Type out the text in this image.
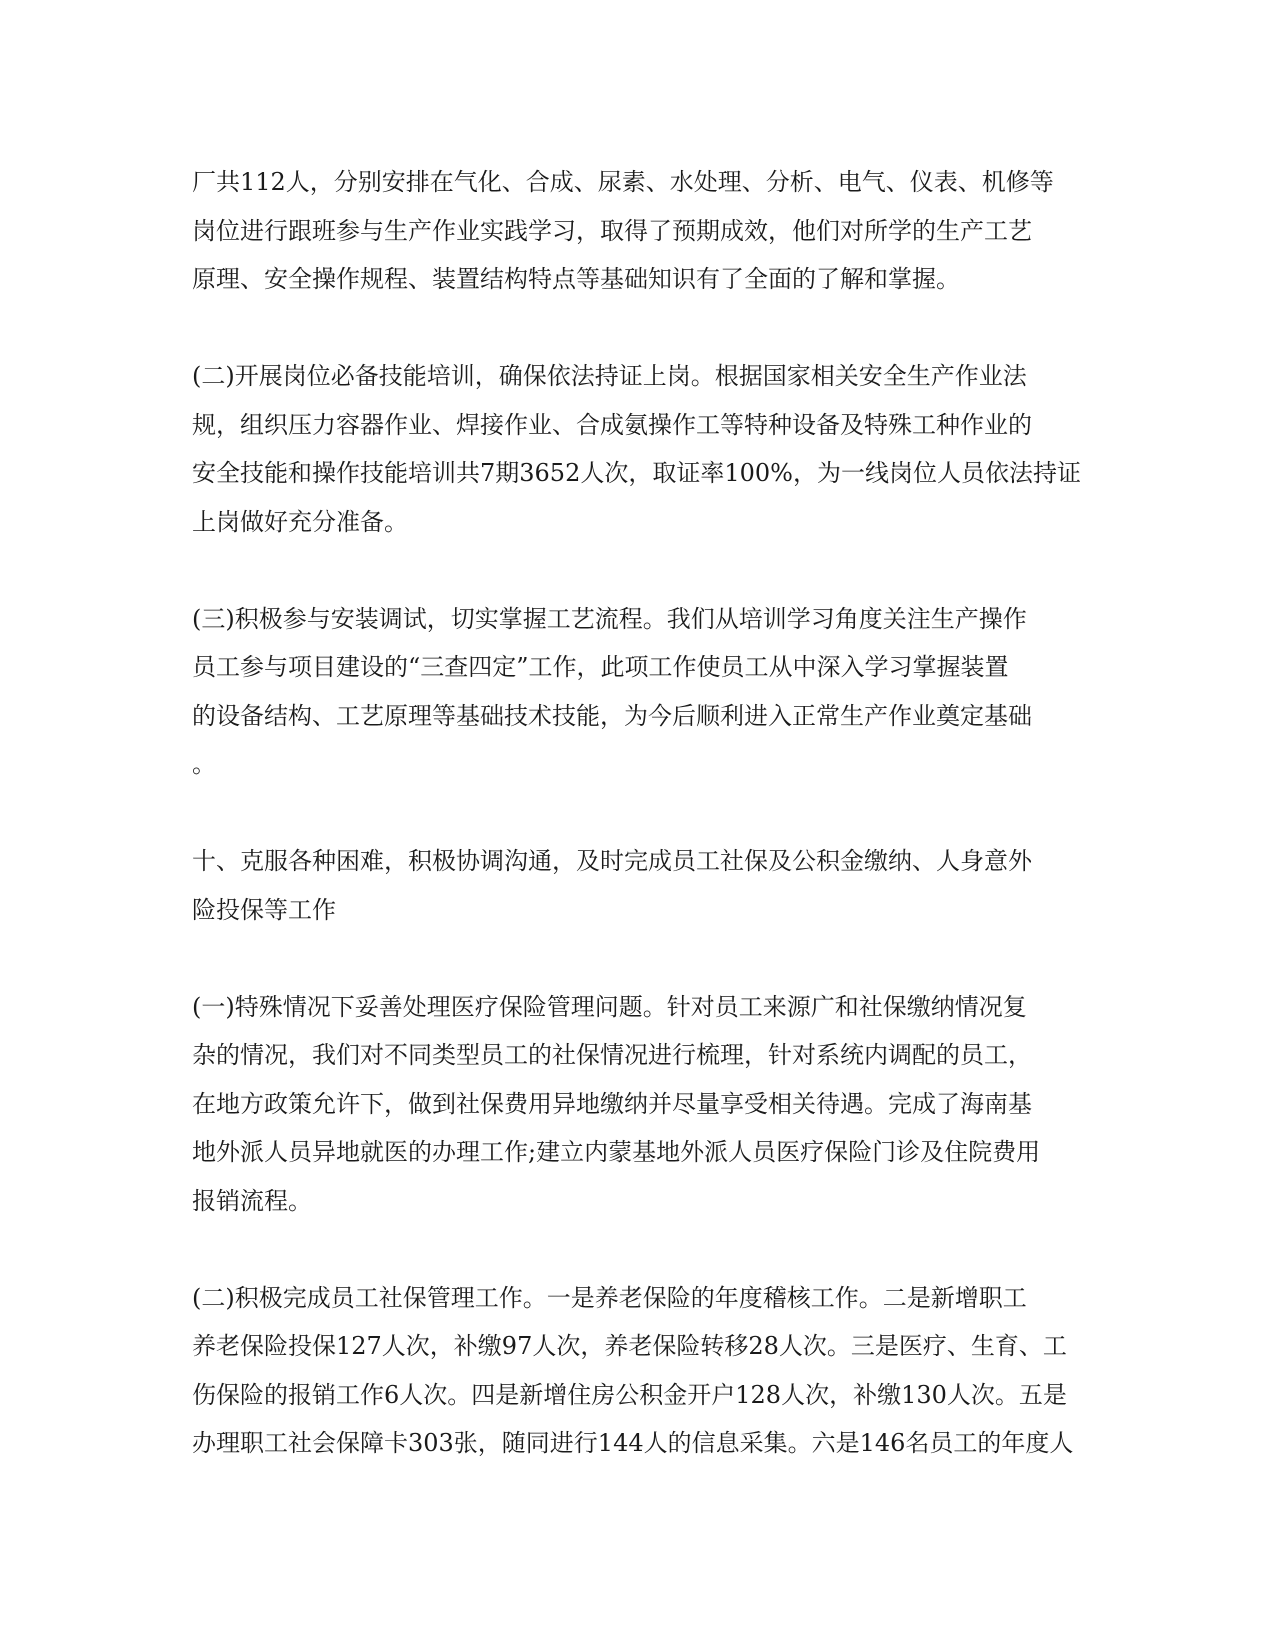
厂共112人，分别安排在气化、合成、尿素、水处理、分析、电气、仪表、机修等
岗位进行跟班参与生产作业实践学习，取得了预期成效，他们对所学的生产工艺
原理、安全操作规程、装置结构特点等基础知识有了全面的了解和掌握。

(二)开展岗位必备技能培训，确保依法持证上岗。根据国家相关安全生产作业法
规，组织压力容器作业、焊接作业、合成氨操作工等特种设备及特殊工种作业的
安全技能和操作技能培训共7期3652人次，取证率100%，为一线岗位人员依法持证
上岗做好充分准备。

(三)积极参与安装调试，切实掌握工艺流程。我们从培训学习角度关注生产操作
员工参与项目建设的“三查四定”工作，此项工作使员工从中深入学习掌握装置
的设备结构、工艺原理等基础技术技能，为今后顺利进入正常生产作业奠定基础
。

十、克服各种困难，积极协调沟通，及时完成员工社保及公积金缴纳、人身意外
险投保等工作

(一)特殊情况下妥善处理医疗保险管理问题。针对员工来源广和社保缴纳情况复
杂的情况，我们对不同类型员工的社保情况进行梳理，针对系统内调配的员工，
在地方政策允许下，做到社保费用异地缴纳并尽量享受相关待遇。完成了海南基
地外派人员异地就医的办理工作;建立内蒙基地外派人员医疗保险门诊及住院费用
报销流程。

(二)积极完成员工社保管理工作。一是养老保险的年度稽核工作。二是新增职工
养老保险投保127人次，补缴97人次，养老保险转移28人次。三是医疗、生育、工
伤保险的报销工作6人次。四是新增住房公积金开户128人次，补缴130人次。五是
办理职工社会保障卡303张，随同进行144人的信息采集。六是146名员工的年度人
